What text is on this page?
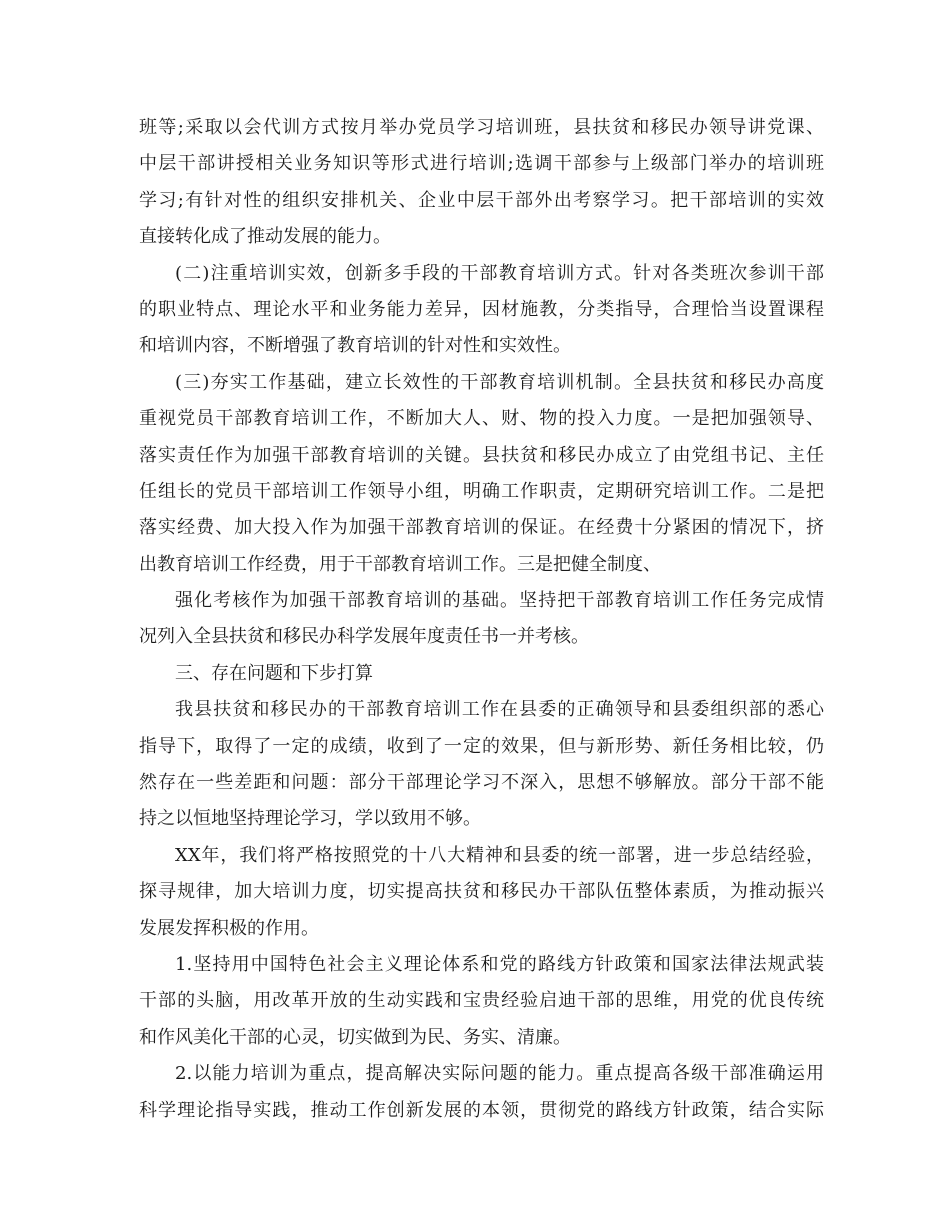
班等;采取以会代训方式按月举办党员学习培训班，县扶贫和移民办领导讲党课、
中层干部讲授相关业务知识等形式进行培训;选调干部参与上级部门举办的培训班
学习;有针对性的组织安排机关、企业中层干部外出考察学习。把干部培训的实效
直接转化成了推动发展的能力。
(二)注重培训实效，创新多手段的干部教育培训方式。针对各类班次参训干部
的职业特点、理论水平和业务能力差异，因材施教，分类指导，合理恰当设置课程
和培训内容，不断增强了教育培训的针对性和实效性。
(三)夯实工作基础，建立长效性的干部教育培训机制。全县扶贫和移民办高度
重视党员干部教育培训工作，不断加大人、财、物的投入力度。一是把加强领导、
落实责任作为加强干部教育培训的关键。县扶贫和移民办成立了由党组书记、主任
任组长的党员干部培训工作领导小组，明确工作职责，定期研究培训工作。二是把
落实经费、加大投入作为加强干部教育培训的保证。在经费十分紧困的情况下，挤
出教育培训工作经费，用于干部教育培训工作。三是把健全制度、
强化考核作为加强干部教育培训的基础。坚持把干部教育培训工作任务完成情
况列入全县扶贫和移民办科学发展年度责任书一并考核。
三、存在问题和下步打算
我县扶贫和移民办的干部教育培训工作在县委的正确领导和县委组织部的悉心
指导下，取得了一定的成绩，收到了一定的效果，但与新形势、新任务相比较，仍
然存在一些差距和问题：部分干部理论学习不深入，思想不够解放。部分干部不能
持之以恒地坚持理论学习，学以致用不够。
XX年，我们将严格按照党的十八大精神和县委的统一部署，进一步总结经验，
探寻规律，加大培训力度，切实提高扶贫和移民办干部队伍整体素质，为推动振兴
发展发挥积极的作用。
1.坚持用中国特色社会主义理论体系和党的路线方针政策和国家法律法规武装
干部的头脑，用改革开放的生动实践和宝贵经验启迪干部的思维，用党的优良传统
和作风美化干部的心灵，切实做到为民、务实、清廉。
2.以能力培训为重点，提高解决实际问题的能力。重点提高各级干部准确运用
科学理论指导实践，推动工作创新发展的本领，贯彻党的路线方针政策，结合实际
